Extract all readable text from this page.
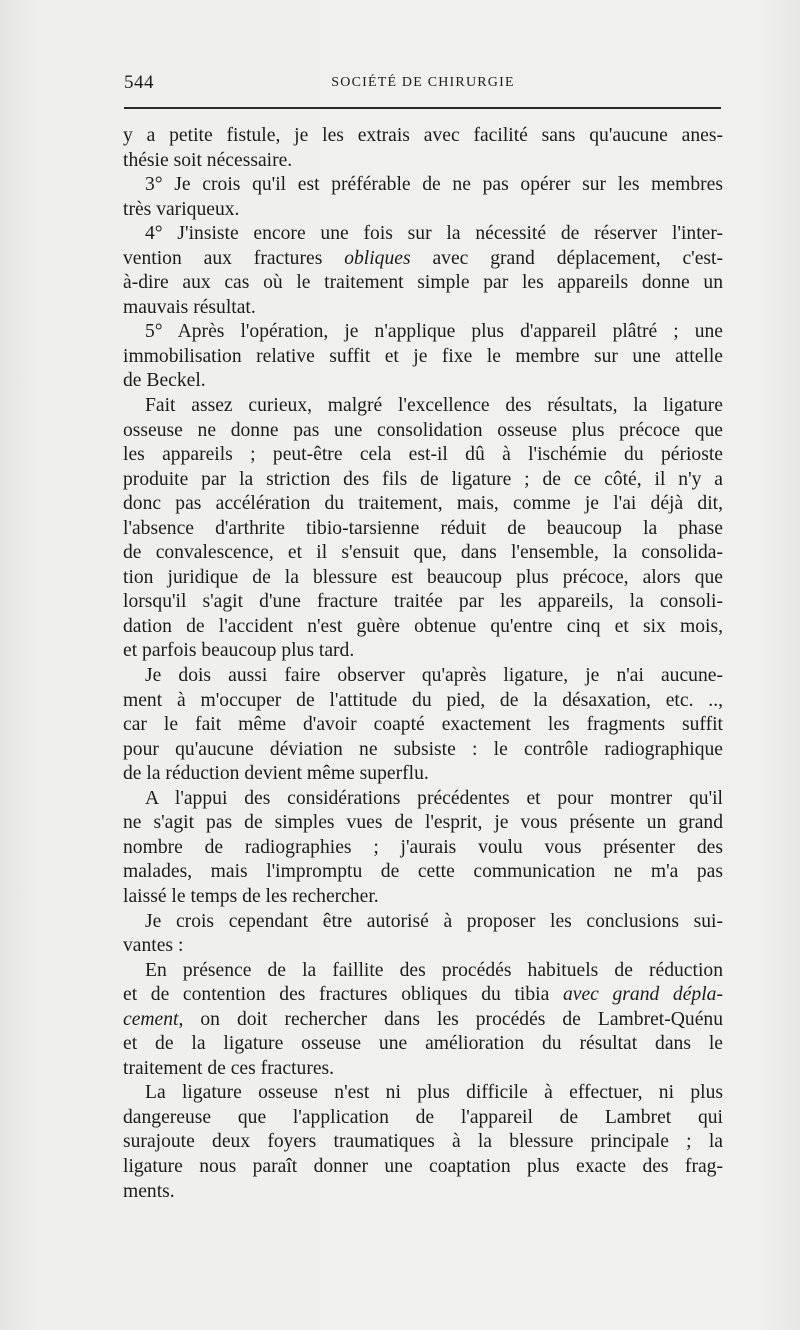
544	SOCIÉTÉ DE CHIRURGIE
y a petite fistule, je les extrais avec facilité sans qu'aucune anes-
thésie soit nécessaire.
3° Je crois qu'il est préférable de ne pas opérer sur les membres
très variqueux.
4° J'insiste encore une fois sur la nécessité de réserver l'inter-
vention aux fractures obliques avec grand déplacement, c'est-
à-dire aux cas où le traitement simple par les appareils donne un
mauvais résultat.
5° Après l'opération, je n'applique plus d'appareil plâtré ; une
immobilisation relative suffit et je fixe le membre sur une attelle
de Beckel.
Fait assez curieux, malgré l'excellence des résultats, la ligature
osseuse ne donne pas une consolidation osseuse plus précoce que
les appareils ; peut-être cela est-il dû à l'ischémie du périoste
produite par la striction des fils de ligature ; de ce côté, il n'y a
donc pas accélération du traitement, mais, comme je l'ai déjà dit,
l'absence d'arthrite tibio-tarsienne réduit de beaucoup la phase
de convalescence, et il s'ensuit que, dans l'ensemble, la consolida-
tion juridique de la blessure est beaucoup plus précoce, alors que
lorsqu'il s'agit d'une fracture traitée par les appareils, la consoli-
dation de l'accident n'est guère obtenue qu'entre cinq et six mois,
et parfois beaucoup plus tard.
Je dois aussi faire observer qu'après ligature, je n'ai aucune-
ment à m'occuper de l'attitude du pied, de la désaxation, etc. ..,
car le fait même d'avoir coapté exactement les fragments suffit
pour qu'aucune déviation ne subsiste : le contrôle radiographique
de la réduction devient même superflu.
A l'appui des considérations précédentes et pour montrer qu'il
ne s'agit pas de simples vues de l'esprit, je vous présente un grand
nombre de radiographies ; j'aurais voulu vous présenter des
malades, mais l'impromptu de cette communication ne m'a pas
laissé le temps de les rechercher.
Je crois cependant être autorisé à proposer les conclusions sui-
vantes :
En présence de la faillite des procédés habituels de réduction
et de contention des fractures obliques du tibia avec grand dépla-
cement, on doit rechercher dans les procédés de Lambret-Quénu
et de la ligature osseuse une amélioration du résultat dans le
traitement de ces fractures.
La ligature osseuse n'est ni plus difficile à effectuer, ni plus
dangereuse que l'application de l'appareil de Lambret qui
surajoute deux foyers traumatiques à la blessure principale ; la
ligature nous paraît donner une coaptation plus exacte des frag-
ments.
